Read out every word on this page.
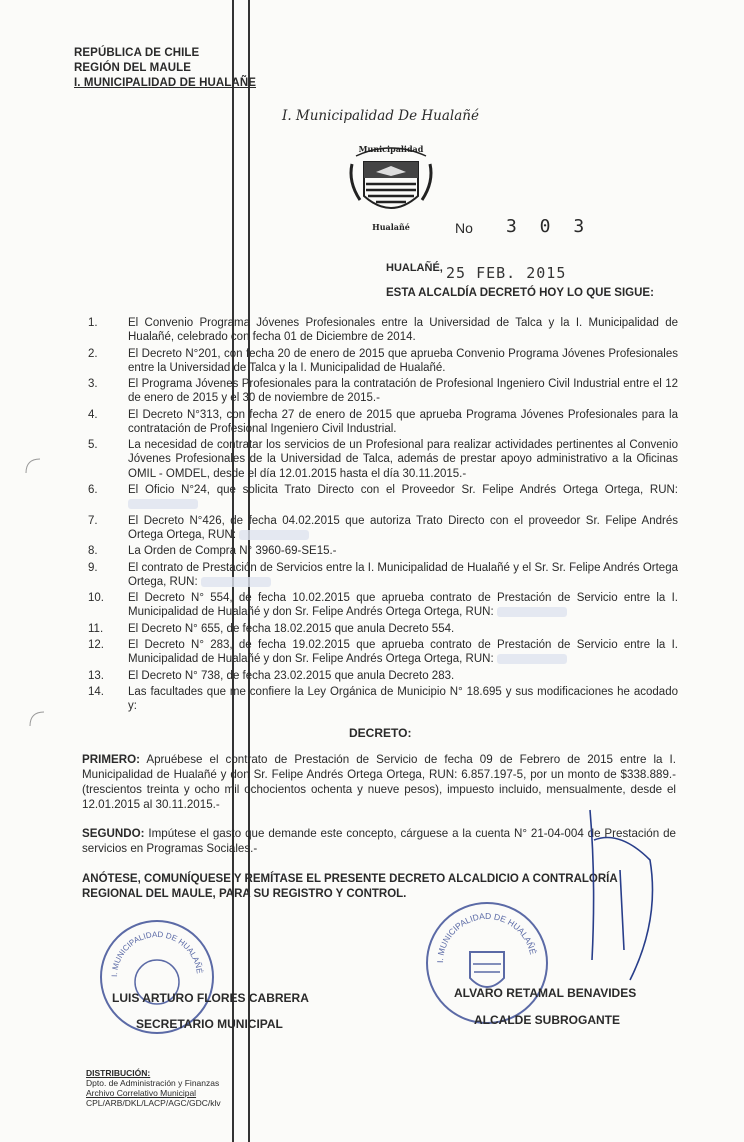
REPÚBLICA DE CHILE
REGIÓN DEL MAULE
I. MUNICIPALIDAD DE HUALAÑE
I. Municipalidad De Hualañé
Municipalidad
Hualañé	No 3 0 3
HUALAÑÉ, 25 FEB. 2015
ESTA ALCALDÍA DECRETÓ HOY LO QUE SIGUE:
1.	El Convenio Programa Jóvenes Profesionales entre la Universidad de Talca y la I. Municipalidad de Hualañé, celebrado con fecha 01 de Diciembre de 2014.
2.	El Decreto N°201, con fecha 20 de enero de 2015 que aprueba Convenio Programa Jóvenes Profesionales entre la Universidad de Talca y la I. Municipalidad de Hualañé.
3.	El Programa Jóvenes Profesionales para la contratación de Profesional Ingeniero Civil Industrial entre el 12 de enero de 2015 y el 30 de noviembre de 2015.-
4.	El Decreto N°313, con fecha 27 de enero de 2015 que aprueba Programa Jóvenes Profesionales para la contratación de Profesional Ingeniero Civil Industrial.
5.	La necesidad de contratar los servicios de un Profesional para realizar actividades pertinentes al Convenio Jóvenes Profesionales de la Universidad de Talca, además de prestar apoyo administrativo a la Oficinas OMIL - OMDEL, desde el día 12.01.2015 hasta el día 30.11.2015.-
6.	El Oficio N°24, que solicita Trato Directo con el Proveedor Sr. Felipe Andrés Ortega Ortega, RUN:
7.	El Decreto N°426, de fecha 04.02.2015 que autoriza Trato Directo con el proveedor Sr. Felipe Andrés Ortega Ortega, RUN:
8.	La Orden de Compra N° 3960-69-SE15.-
9.	El contrato de Prestación de Servicios entre la I. Municipalidad de Hualañé y el Sr. Sr. Felipe Andrés Ortega Ortega, RUN:
10.	El Decreto N° 554, de fecha 10.02.2015 que aprueba contrato de Prestación de Servicio entre la I. Municipalidad de Hualañé y don Sr. Felipe Andrés Ortega Ortega, RUN:
11.	El Decreto N° 655, de fecha 18.02.2015 que anula Decreto 554.
12.	El Decreto N° 283, de fecha 19.02.2015 que aprueba contrato de Prestación de Servicio entre la I. Municipalidad de Hualañé y don Sr. Felipe Andrés Ortega Ortega, RUN:
13.	El Decreto N° 738, de fecha 23.02.2015 que anula Decreto 283.
14.	Las facultades que me confiere la Ley Orgánica de Municipio N° 18.695 y sus modificaciones he acodado y:
DECRETO:
PRIMERO: Apruébese el contrato de Prestación de Servicio de fecha 09 de Febrero de 2015 entre la I. Municipalidad de Hualañé y don Sr. Felipe Andrés Ortega Ortega, RUN: 6.857.197-5, por un monto de $338.889.- (trescientos treinta y ocho mil ochocientos ochenta y nueve pesos), impuesto incluido, mensualmente, desde el 12.01.2015 al 30.11.2015.-
SEGUNDO: Impútese el gasto que demande este concepto, cárguese a la cuenta N° 21-04-004 de Prestación de servicios en Programas Sociales.-
ANÓTESE, COMUNÍQUESE Y REMÍTASE EL PRESENTE DECRETO ALCALDICIO A CONTRALORÍA REGIONAL DEL MAULE, PARA SU REGISTRO Y CONTROL.
I. MUNICIPALIDAD DE HUALAÑÉ
I. MUNICIPALIDAD DE HUALAÑÉ
LUIS ARTURO FLORES CABRERA
SECRETARIO MUNICIPAL
ALVARO RETAMAL BENAVIDES
ALCALDE SUBROGANTE
DISTRIBUCIÓN:
Dpto. de Administración y Finanzas
Archivo Correlativo Municipal
CPL/ARB/DKL/LACP/AGC/GDC/klv
